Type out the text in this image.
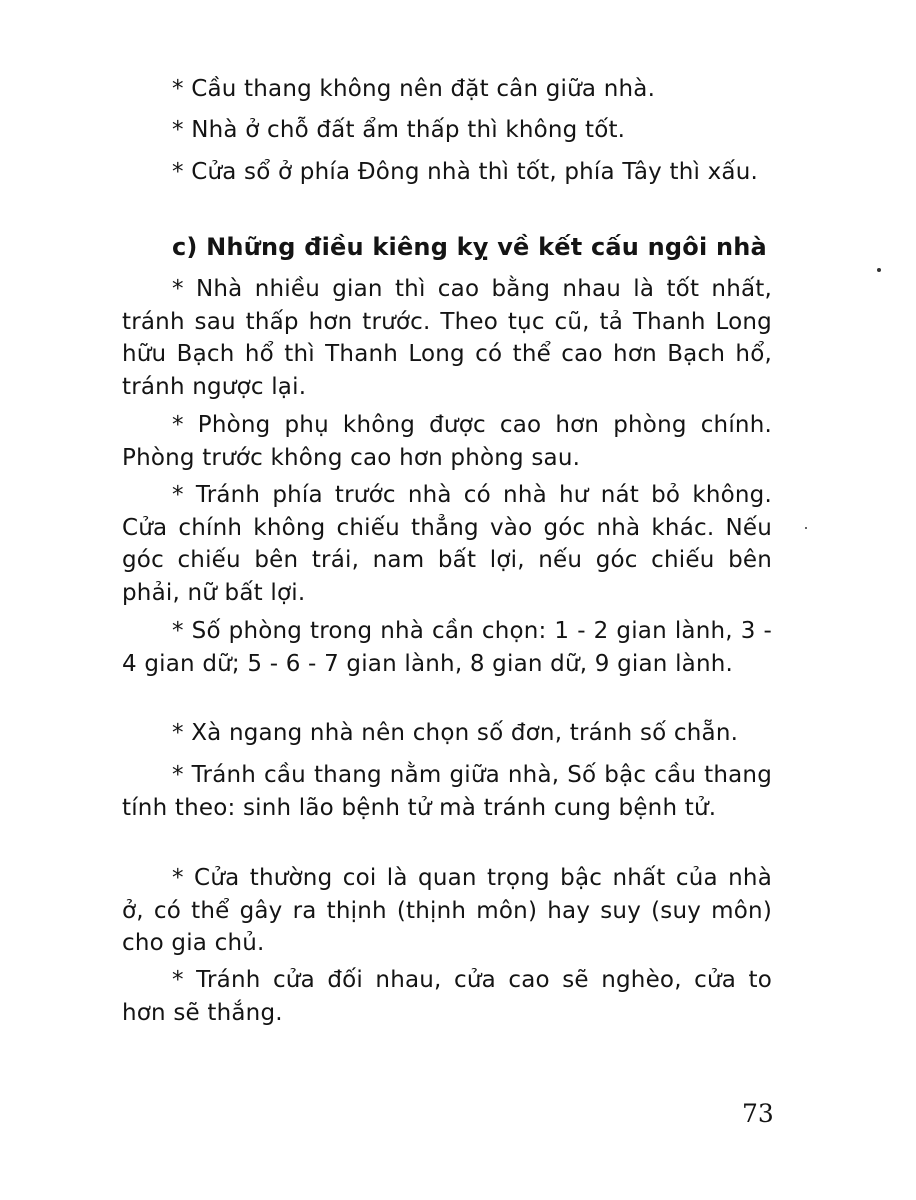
* Cầu thang không nên đặt cân giữa nhà.

* Nhà ở chỗ đất ẩm thấp thì không tốt.

* Cửa sổ ở phía Đông nhà thì tốt, phía Tây thì xấu.

c) Những điều kiêng kỵ về kết cấu ngôi nhà

* Nhà nhiều gian thì cao bằng nhau là tốt nhất, tránh sau thấp hơn trước. Theo tục cũ, tả Thanh Long hữu Bạch hổ thì Thanh Long có thể cao hơn Bạch hổ, tránh ngược lại.

* Phòng phụ không được cao hơn phòng chính. Phòng trước không cao hơn phòng sau.

* Tránh phía trước nhà có nhà hư nát bỏ không. Cửa chính không chiếu thẳng vào góc nhà khác. Nếu góc chiếu bên trái, nam bất lợi, nếu góc chiếu bên phải, nữ bất lợi.

* Số phòng trong nhà cần chọn: 1 - 2 gian lành, 3 - 4 gian dữ; 5 - 6 - 7 gian lành, 8 gian dữ, 9 gian lành.

* Xà ngang nhà nên chọn số đơn, tránh số chẵn.

* Tránh cầu thang nằm giữa nhà, Số bậc cầu thang tính theo: sinh lão bệnh tử mà tránh cung bệnh tử.

* Cửa thường coi là quan trọng bậc nhất của nhà ở, có thể gây ra thịnh (thịnh môn) hay suy (suy môn) cho gia chủ.

* Tránh cửa đối nhau, cửa cao sẽ nghèo, cửa to hơn sẽ thắng.

73
